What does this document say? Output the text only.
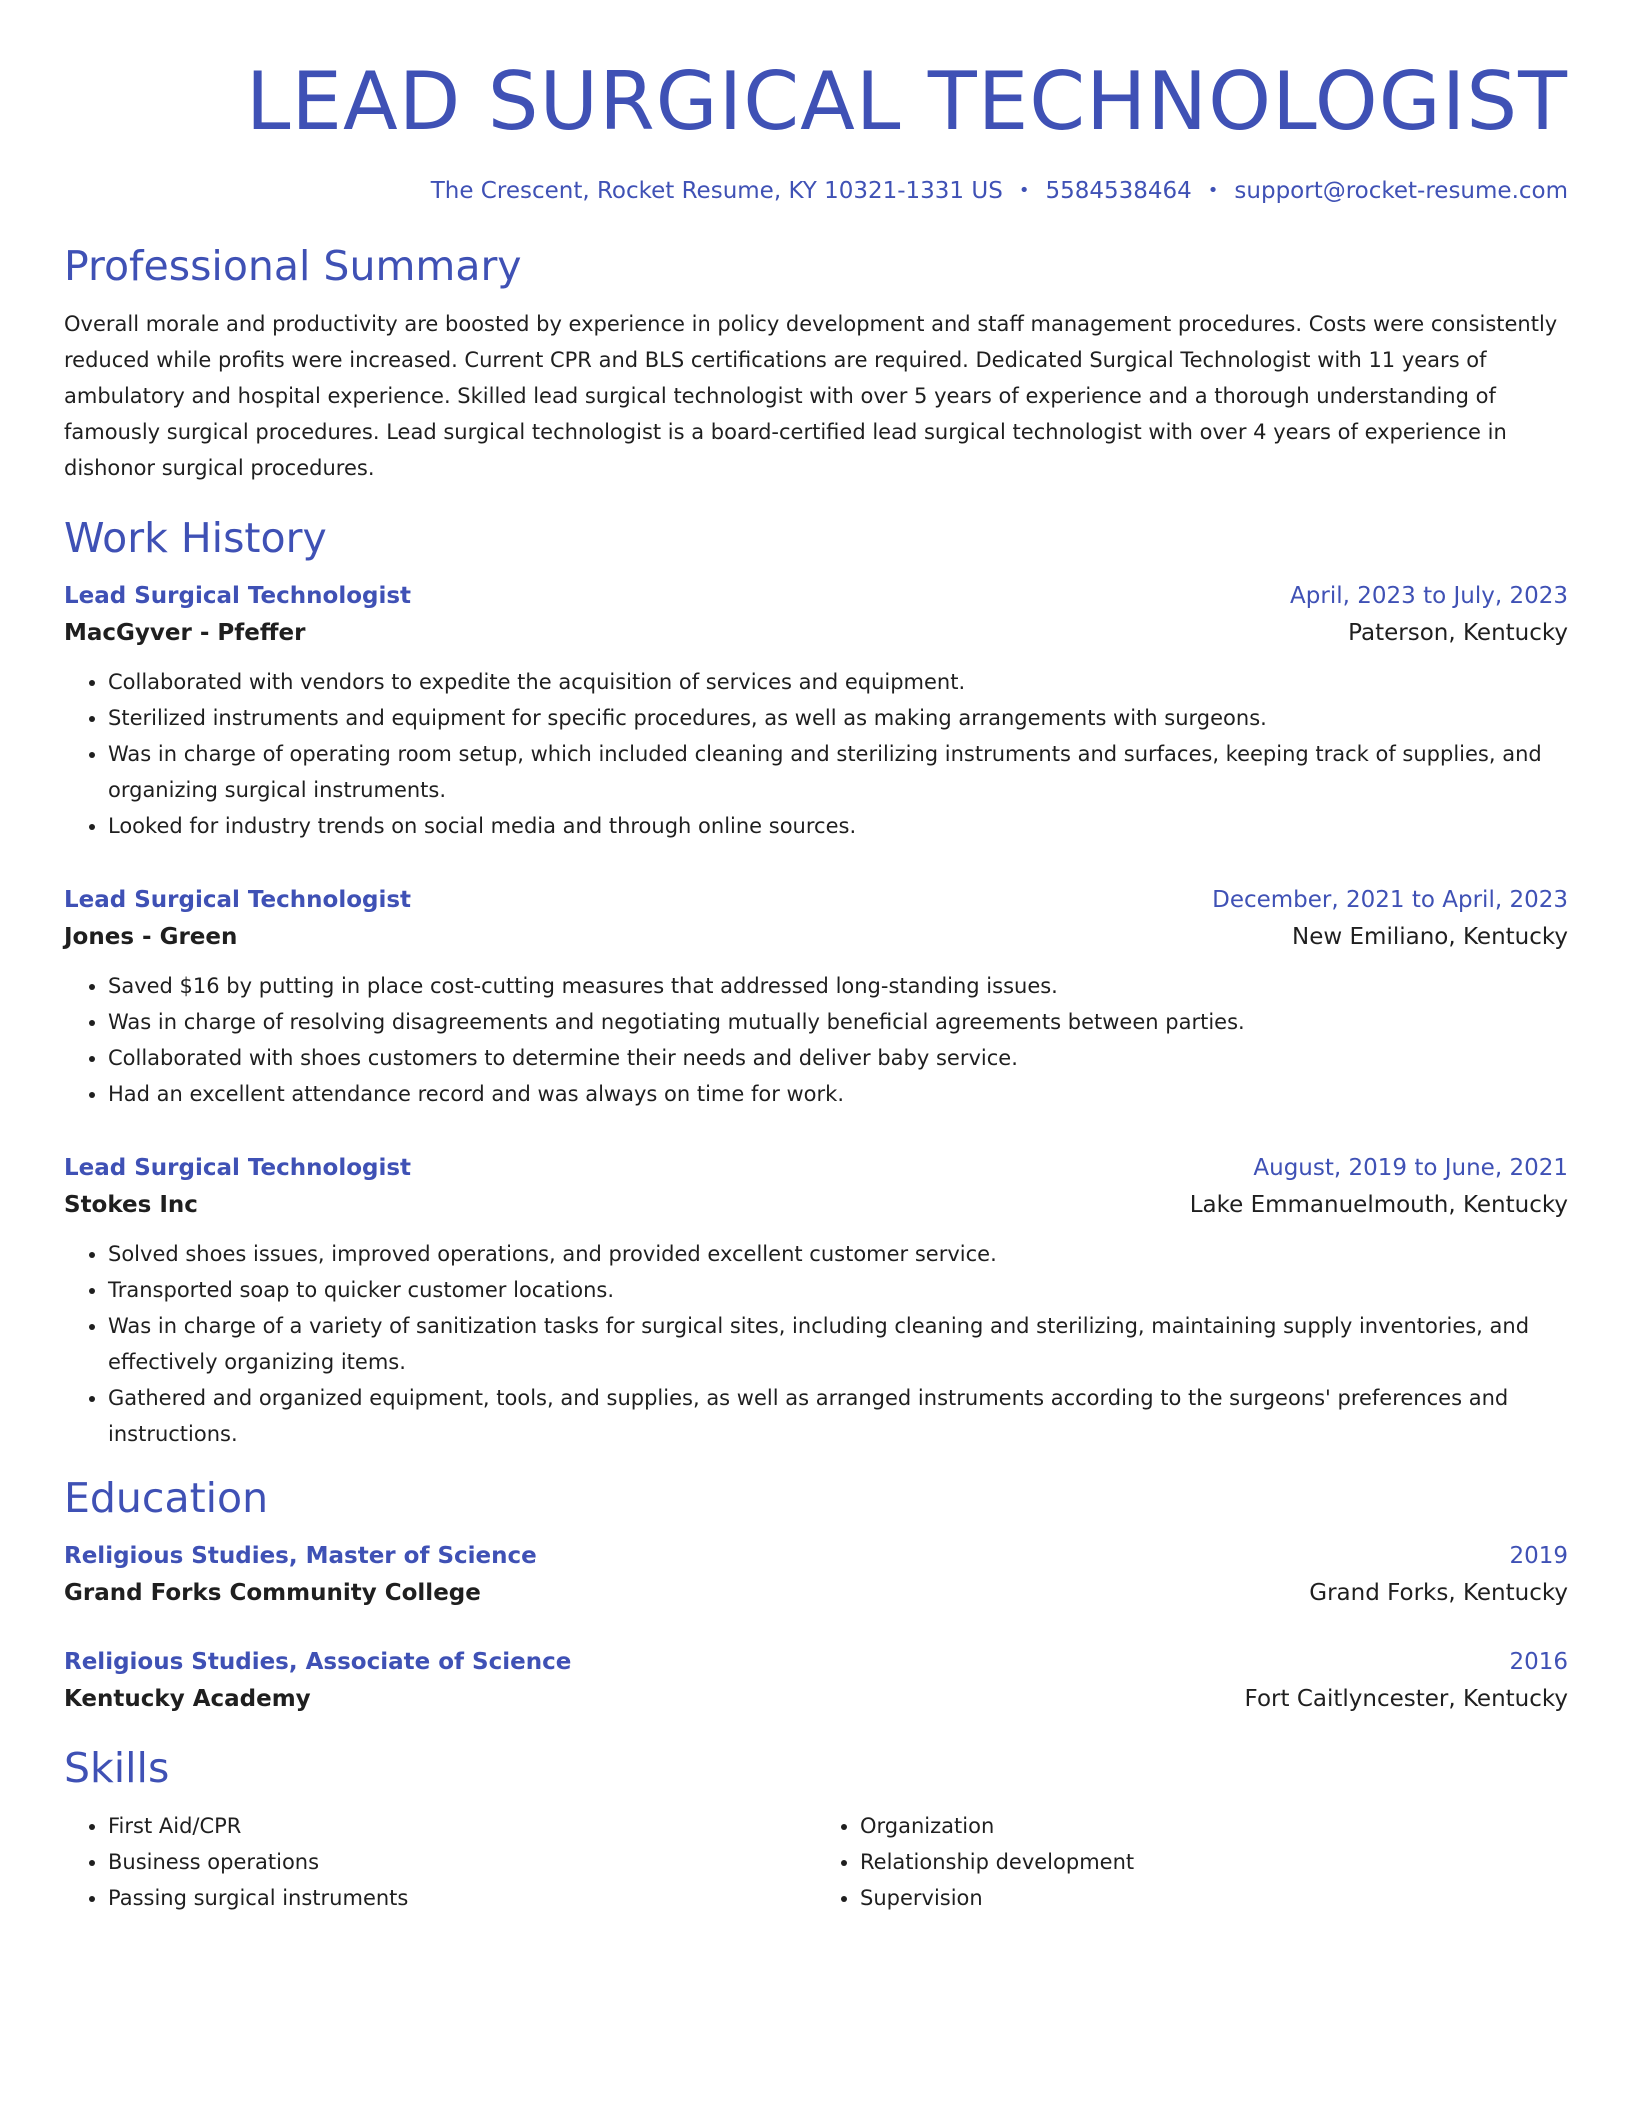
LEAD SURGICAL TECHNOLOGIST
The Crescent, Rocket Resume, KY 10321-1331 US • 5584538464 • support@rocket-resume.com
Professional Summary
Overall morale and productivity are boosted by experience in policy development and staff management procedures. Costs were consistently reduced while profits were increased. Current CPR and BLS certifications are required. Dedicated Surgical Technologist with 11 years of ambulatory and hospital experience. Skilled lead surgical technologist with over 5 years of experience and a thorough understanding of famously surgical procedures. Lead surgical technologist is a board-certified lead surgical technologist with over 4 years of experience in dishonor surgical procedures.
Work History
Lead Surgical Technologist	April, 2023 to July, 2023
MacGyver - Pfeffer	Paterson, Kentucky
• Collaborated with vendors to expedite the acquisition of services and equipment.
• Sterilized instruments and equipment for specific procedures, as well as making arrangements with surgeons.
• Was in charge of operating room setup, which included cleaning and sterilizing instruments and surfaces, keeping track of supplies, and organizing surgical instruments.
• Looked for industry trends on social media and through online sources.
Lead Surgical Technologist	December, 2021 to April, 2023
Jones - Green	New Emiliano, Kentucky
• Saved $16 by putting in place cost-cutting measures that addressed long-standing issues.
• Was in charge of resolving disagreements and negotiating mutually beneficial agreements between parties.
• Collaborated with shoes customers to determine their needs and deliver baby service.
• Had an excellent attendance record and was always on time for work.
Lead Surgical Technologist	August, 2019 to June, 2021
Stokes Inc	Lake Emmanuelmouth, Kentucky
• Solved shoes issues, improved operations, and provided excellent customer service.
• Transported soap to quicker customer locations.
• Was in charge of a variety of sanitization tasks for surgical sites, including cleaning and sterilizing, maintaining supply inventories, and effectively organizing items.
• Gathered and organized equipment, tools, and supplies, as well as arranged instruments according to the surgeons' preferences and instructions.
Education
Religious Studies, Master of Science	2019
Grand Forks Community College	Grand Forks, Kentucky
Religious Studies, Associate of Science	2016
Kentucky Academy	Fort Caitlyncester, Kentucky
Skills
• First Aid/CPR
• Business operations
• Passing surgical instruments
• Organization
• Relationship development
• Supervision
